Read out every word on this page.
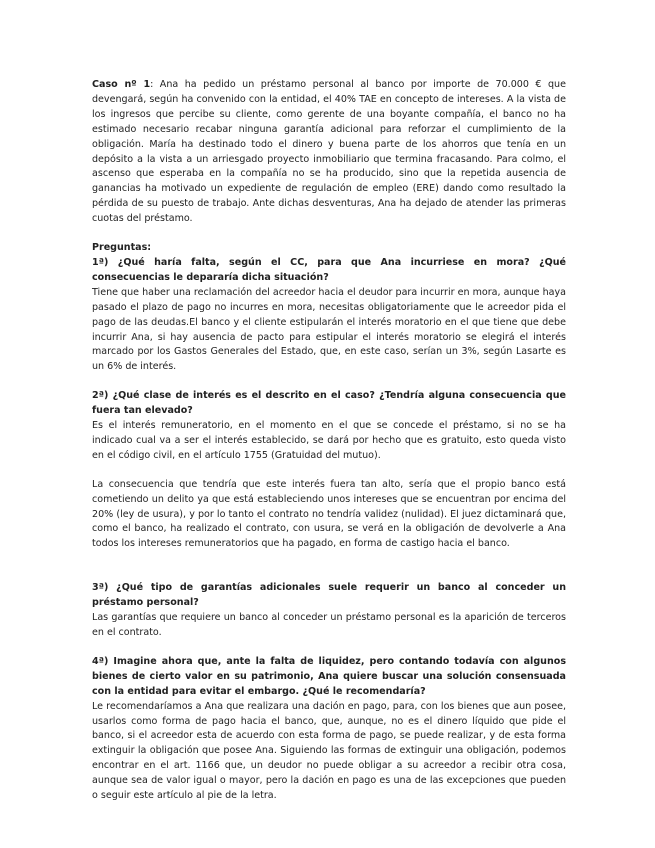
Caso nº 1: Ana ha pedido un préstamo personal al banco por importe de 70.000 € que devengará, según ha convenido con la entidad, el 40% TAE en concepto de intereses. A la vista de los ingresos que percibe su cliente, como gerente de una boyante compañía, el banco no ha estimado necesario recabar ninguna garantía adicional para reforzar el cumplimiento de la obligación. María ha destinado todo el dinero y buena parte de los ahorros que tenía en un depósito a la vista a un arriesgado proyecto inmobiliario que termina fracasando. Para colmo, el ascenso que esperaba en la compañía no se ha producido, sino que la repetida ausencia de ganancias ha motivado un expediente de regulación de empleo (ERE) dando como resultado la pérdida de su puesto de trabajo. Ante dichas desventuras, Ana ha dejado de atender las primeras cuotas del préstamo.

Preguntas:

1ª) ¿Qué haría falta, según el CC, para que Ana incurriese en mora? ¿Qué consecuencias le depararía dicha situación?

Tiene que haber una reclamación del acreedor hacia el deudor para incurrir en mora, aunque haya pasado el plazo de pago no incurres en mora, necesitas obligatoriamente que le acreedor pida el pago de las deudas.El banco y el cliente estipularán el interés moratorio en el que tiene que debe incurrir Ana, si hay ausencia de pacto para estipular el interés moratorio se elegirá el interés marcado por los Gastos Generales del Estado, que, en este caso, serían un 3%, según Lasarte es un 6% de interés.

2ª) ¿Qué clase de interés es el descrito en el caso? ¿Tendría alguna consecuencia que fuera tan elevado?

Es el interés remuneratorio, en el momento en el que se concede el préstamo, si no se ha indicado cual va a ser el interés establecido, se dará por hecho que es gratuito, esto queda visto en el código civil, en el artículo 1755 (Gratuidad del mutuo).

La consecuencia que tendría que este interés fuera tan alto, sería que el propio banco está cometiendo un delito ya que está estableciendo unos intereses que se encuentran por encima del 20% (ley de usura), y por lo tanto el contrato no tendría validez (nulidad). El juez dictaminará que, como el banco, ha realizado el contrato, con usura, se verá en la obligación de devolverle a Ana todos los intereses remuneratorios que ha pagado, en forma de castigo hacia el banco.

3ª) ¿Qué tipo de garantías adicionales suele requerir un banco al conceder un préstamo personal?

Las garantías que requiere un banco al conceder un préstamo personal es la aparición de terceros en el contrato.

4ª) Imagine ahora que, ante la falta de liquidez, pero contando todavía con algunos bienes de cierto valor en su patrimonio, Ana quiere buscar una solución consensuada con la entidad para evitar el embargo. ¿Qué le recomendaría?

Le recomendaríamos a Ana que realizara una dación en pago, para, con los bienes que aun posee, usarlos como forma de pago hacia el banco, que, aunque, no es el dinero líquido que pide el banco, si el acreedor esta de acuerdo con esta forma de pago, se puede realizar, y de esta forma extinguir la obligación que posee Ana. Siguiendo las formas de extinguir una obligación, podemos encontrar en el art. 1166 que, un deudor no puede obligar a su acreedor a recibir otra cosa, aunque sea de valor igual o mayor, pero la dación en pago es una de las excepciones que pueden o seguir este artículo al pie de la letra.
